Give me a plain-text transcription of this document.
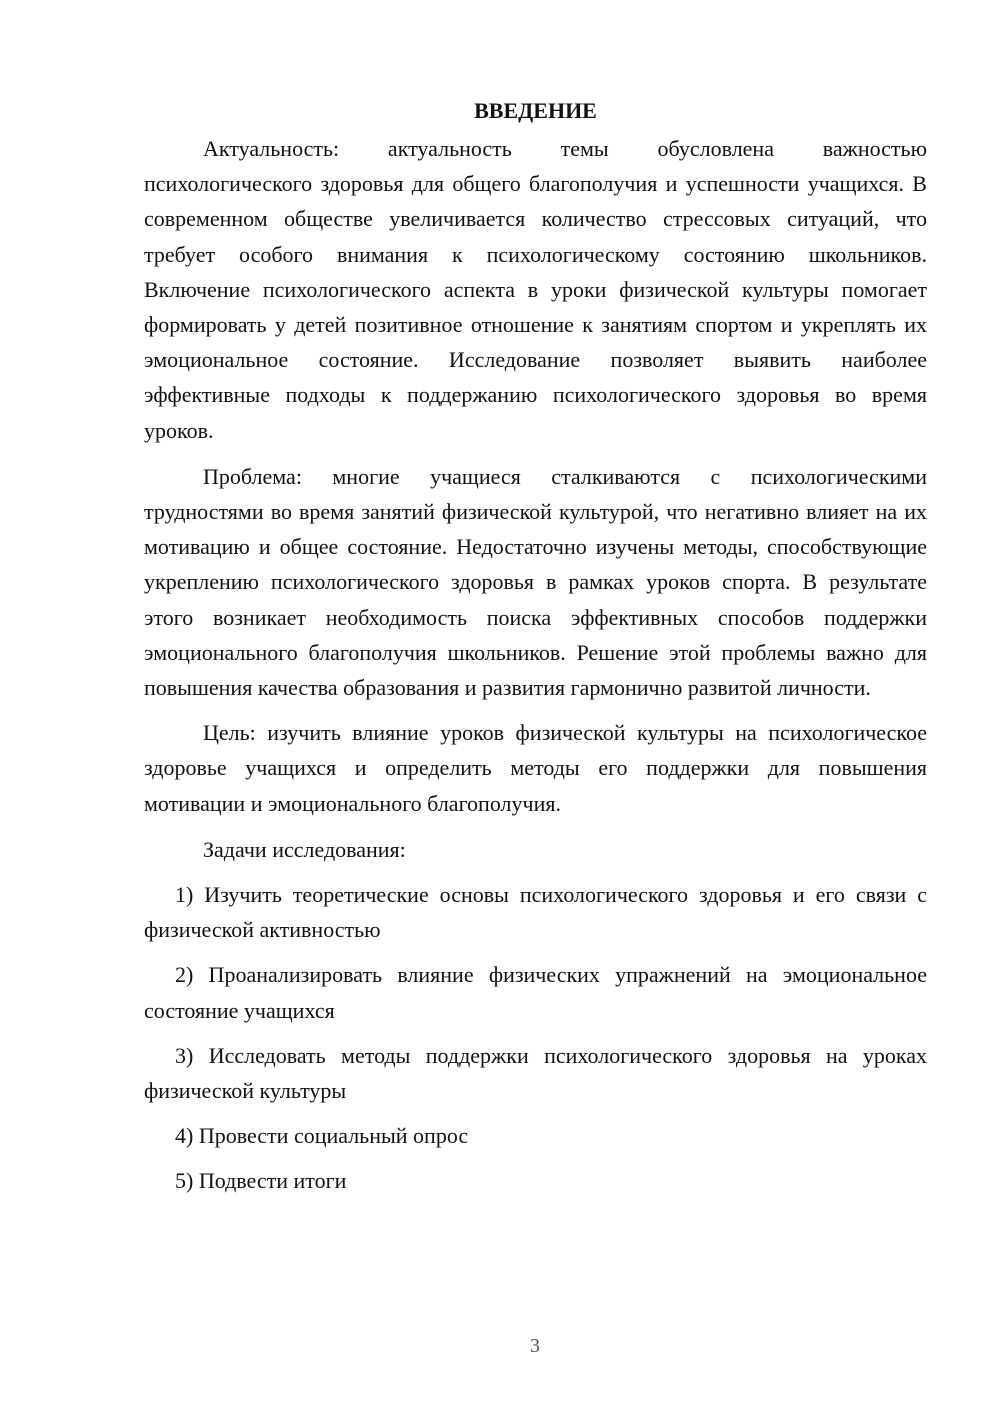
ВВЕДЕНИЕ

Актуальность: актуальность темы обусловлена важностью психологического здоровья для общего благополучия и успешности учащихся. В современном обществе увеличивается количество стрессовых ситуаций, что требует особого внимания к психологическому состоянию школьников. Включение психологического аспекта в уроки физической культуры помогает формировать у детей позитивное отношение к занятиям спортом и укреплять их эмоциональное состояние. Исследование позволяет выявить наиболее эффективные подходы к поддержанию психологического здоровья во время уроков.

Проблема: многие учащиеся сталкиваются с психологическими трудностями во время занятий физической культурой, что негативно влияет на их мотивацию и общее состояние. Недостаточно изучены методы, способствующие укреплению психологического здоровья в рамках уроков спорта. В результате этого возникает необходимость поиска эффективных способов поддержки эмоционального благополучия школьников. Решение этой проблемы важно для повышения качества образования и развития гармонично развитой личности.

Цель: изучить влияние уроков физической культуры на психологическое здоровье учащихся и определить методы его поддержки для повышения мотивации и эмоционального благополучия.

Задачи исследования:

1) Изучить теоретические основы психологического здоровья и его связи с физической активностью

2) Проанализировать влияние физических упражнений на эмоциональное состояние учащихся

3) Исследовать методы поддержки психологического здоровья на уроках физической культуры

4) Провести социальный опрос

5) Подвести итоги

3
